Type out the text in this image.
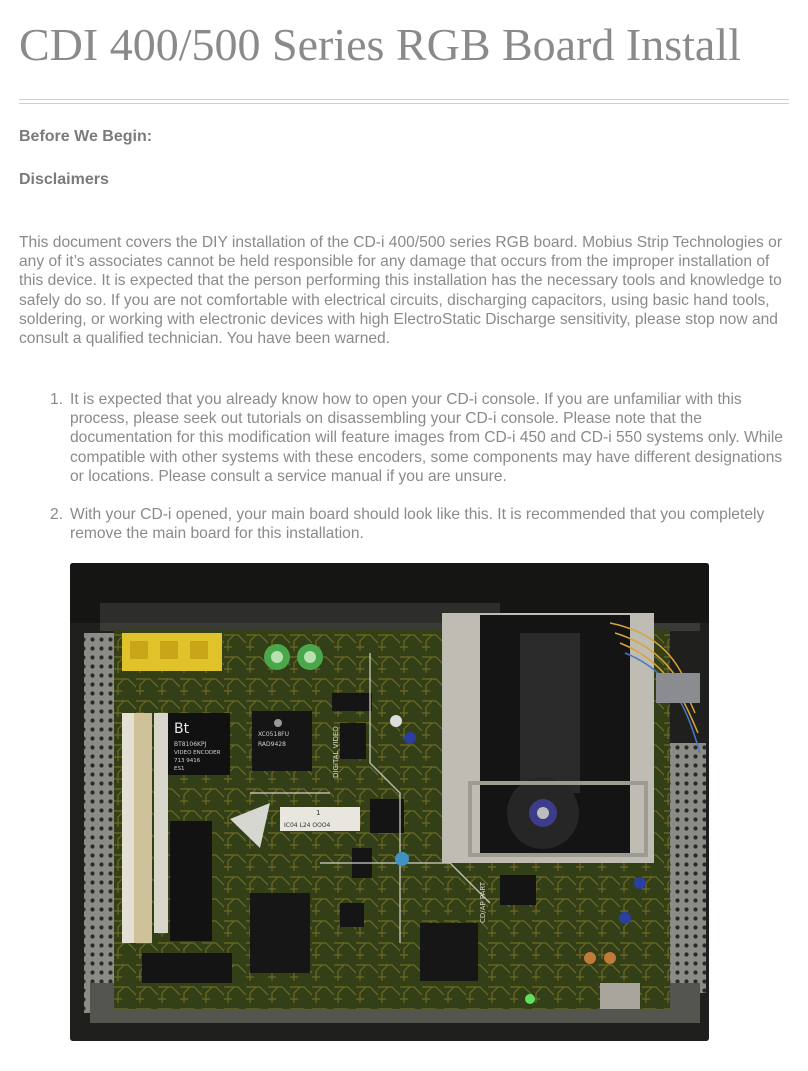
CDI 400/500 Series RGB Board Install
Before We Begin:
Disclaimers
This document covers the DIY installation of the CD-i 400/500 series RGB board. Mobius Strip Technologies or any of it’s associates cannot be held responsible for any damage that occurs from the improper installation of this device. It is expected that the person performing this installation has the necessary tools and knowledge to safely do so. If you are not comfortable with electrical circuits, discharging capacitors, using basic hand tools, soldering, or working with electronic devices with high ElectroStatic Discharge sensitivity, please stop now and consult a qualified technician. You have been warned.
1. It is expected that you already know how to open your CD-i console. If you are unfamiliar with this process, please seek out tutorials on disassembling your CD-i console. Please note that the documentation for this modification will feature images from CD-i 450 and CD-i 550 systems only. While compatible with other systems with these encoders, some components may have different designations or locations. Please consult a service manual if you are unsure.
2. With your CD-i opened, your main board should look like this. It is recommended that you completely remove the main board for this installation.
Bt
BT8106KPJ
VIDEO ENCODER
713 9416
ES1
XC0518FU
RAD9428
1
IC04 L24 OOO4
DIGITAL VIDEO
UP PART	CD/AP PART
